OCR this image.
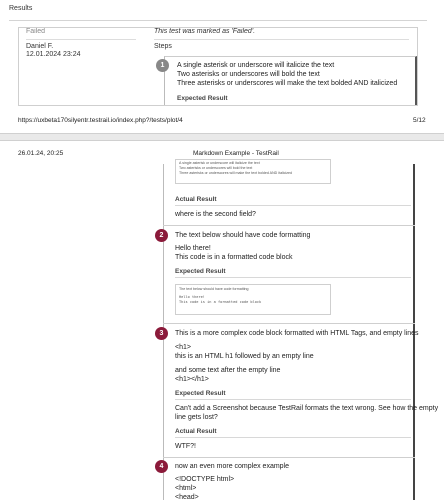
Results
Failed
Daniel F.
12.01.2024 23:24
This test was marked as 'Failed'.
Steps
1	A single asterisk or underscore will italicize the text
Two asterisks or underscores will bold the text
Three asterisks or underscores will make the text bolded AND italicized
Expected Result
https://uxbeta170silyentr.testrail.io/index.php?/tests/plot/4	5/12
26.01.24, 20:25	Markdown Example - TestRail
A single asterisk or underscore will italicize the text
Two asterisks or underscores will bold the text
Three asterisks or underscores will make the text bolded AND italicized
Actual Result
where is the second field?
2	The text below should have code formatting
Hello there!
This code is in a formatted code block
Expected Result
The text below should have code formatting
Hello there!
This code is in a formatted code block
3	This is a more complex code block formatted with HTML Tags, and empty lines
<h1>
this is an HTML h1 followed by an empty line
and some text after the empty line
<h1></h1>
Expected Result
Can't add a Screenshot because TestRail formats the text wrong. See how the empty
line gets lost?
Actual Result
WTF?!
4	now an even more complex example
<!DOCTYPE html>
<html>
<head>
